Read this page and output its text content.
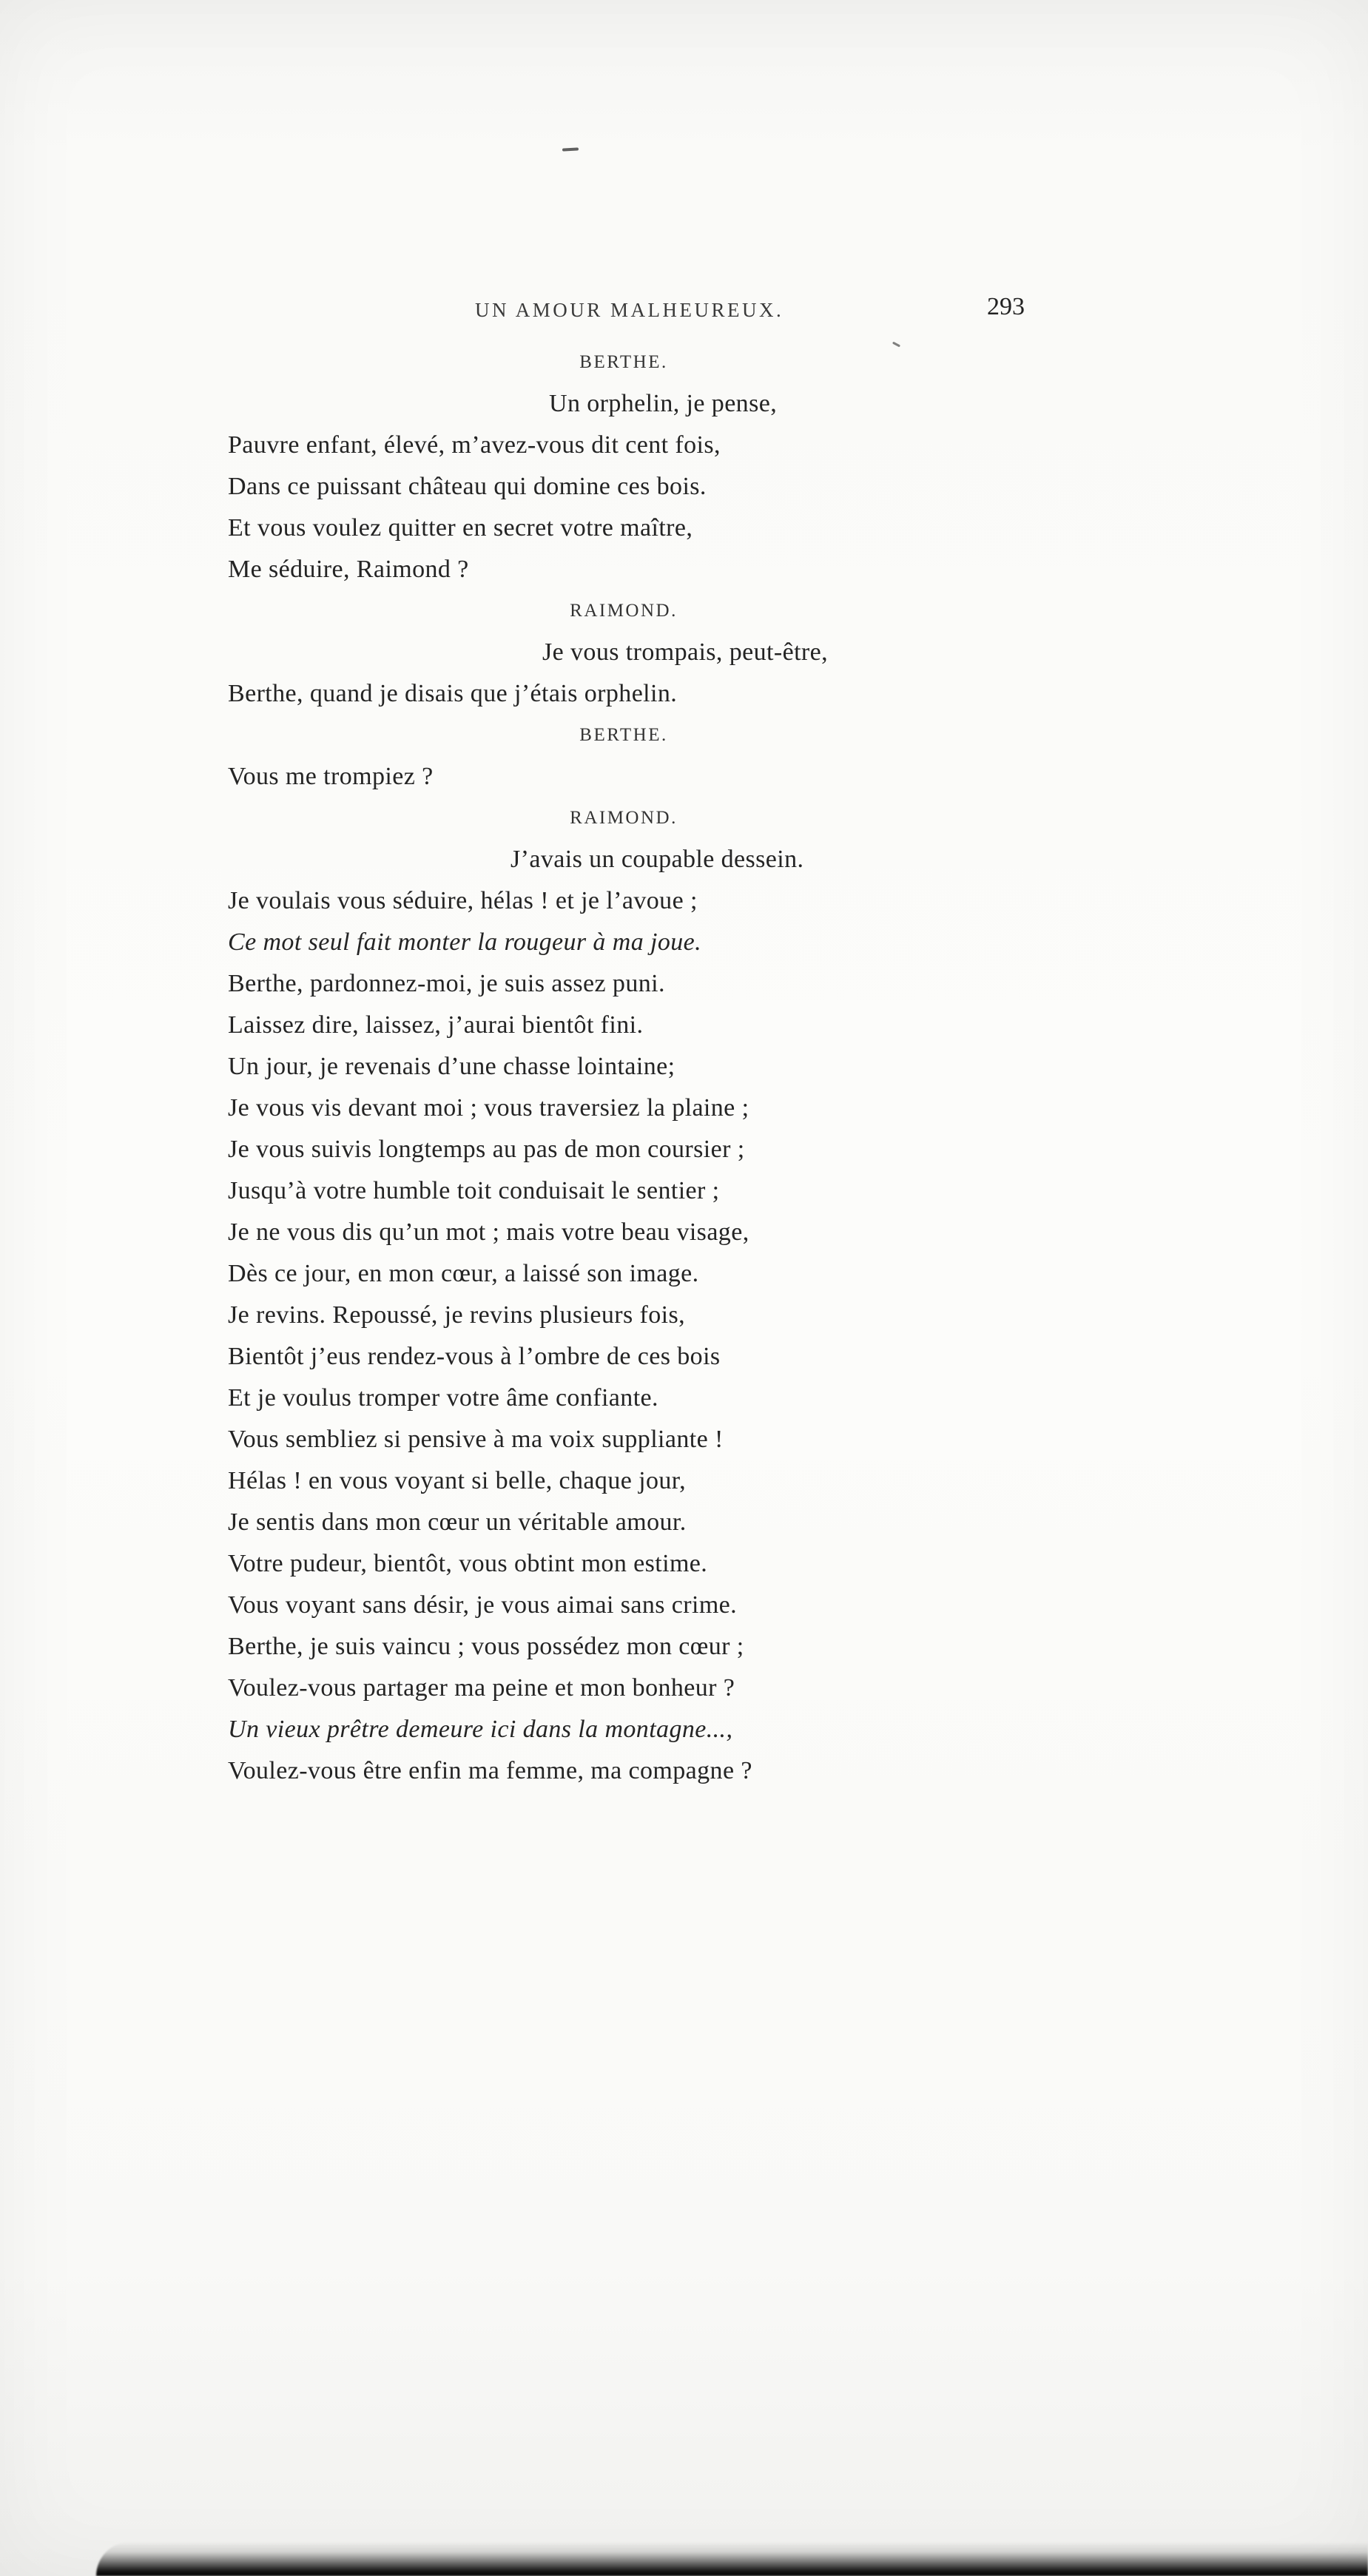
UN AMOUR MALHEUREUX.	293
BERTHE.
Un orphelin, je pense,
Pauvre enfant, élevé, m’avez-vous dit cent fois,
Dans ce puissant château qui domine ces bois.
Et vous voulez quitter en secret votre maître,
Me séduire, Raimond ?
RAIMOND.
Je vous trompais, peut-être,
Berthe, quand je disais que j’étais orphelin.
BERTHE.
Vous me trompiez ?
RAIMOND.
J’avais un coupable dessein.
Je voulais vous séduire, hélas ! et je l’avoue ;
Ce mot seul fait monter la rougeur à ma joue.
Berthe, pardonnez-moi, je suis assez puni.
Laissez dire, laissez, j’aurai bientôt fini.
Un jour, je revenais d’une chasse lointaine;
Je vous vis devant moi ; vous traversiez la plaine ;
Je vous suivis longtemps au pas de mon coursier ;
Jusqu’à votre humble toit conduisait le sentier ;
Je ne vous dis qu’un mot ; mais votre beau visage,
Dès ce jour, en mon cœur, a laissé son image.
Je revins. Repoussé, je revins plusieurs fois,
Bientôt j’eus rendez-vous à l’ombre de ces bois
Et je voulus tromper votre âme confiante.
Vous sembliez si pensive à ma voix suppliante !
Hélas ! en vous voyant si belle, chaque jour,
Je sentis dans mon cœur un véritable amour.
Votre pudeur, bientôt, vous obtint mon estime.
Vous voyant sans désir, je vous aimai sans crime.
Berthe, je suis vaincu ; vous possédez mon cœur ;
Voulez-vous partager ma peine et mon bonheur ?
Un vieux prêtre demeure ici dans la montagne...,
Voulez-vous être enfin ma femme, ma compagne ?
